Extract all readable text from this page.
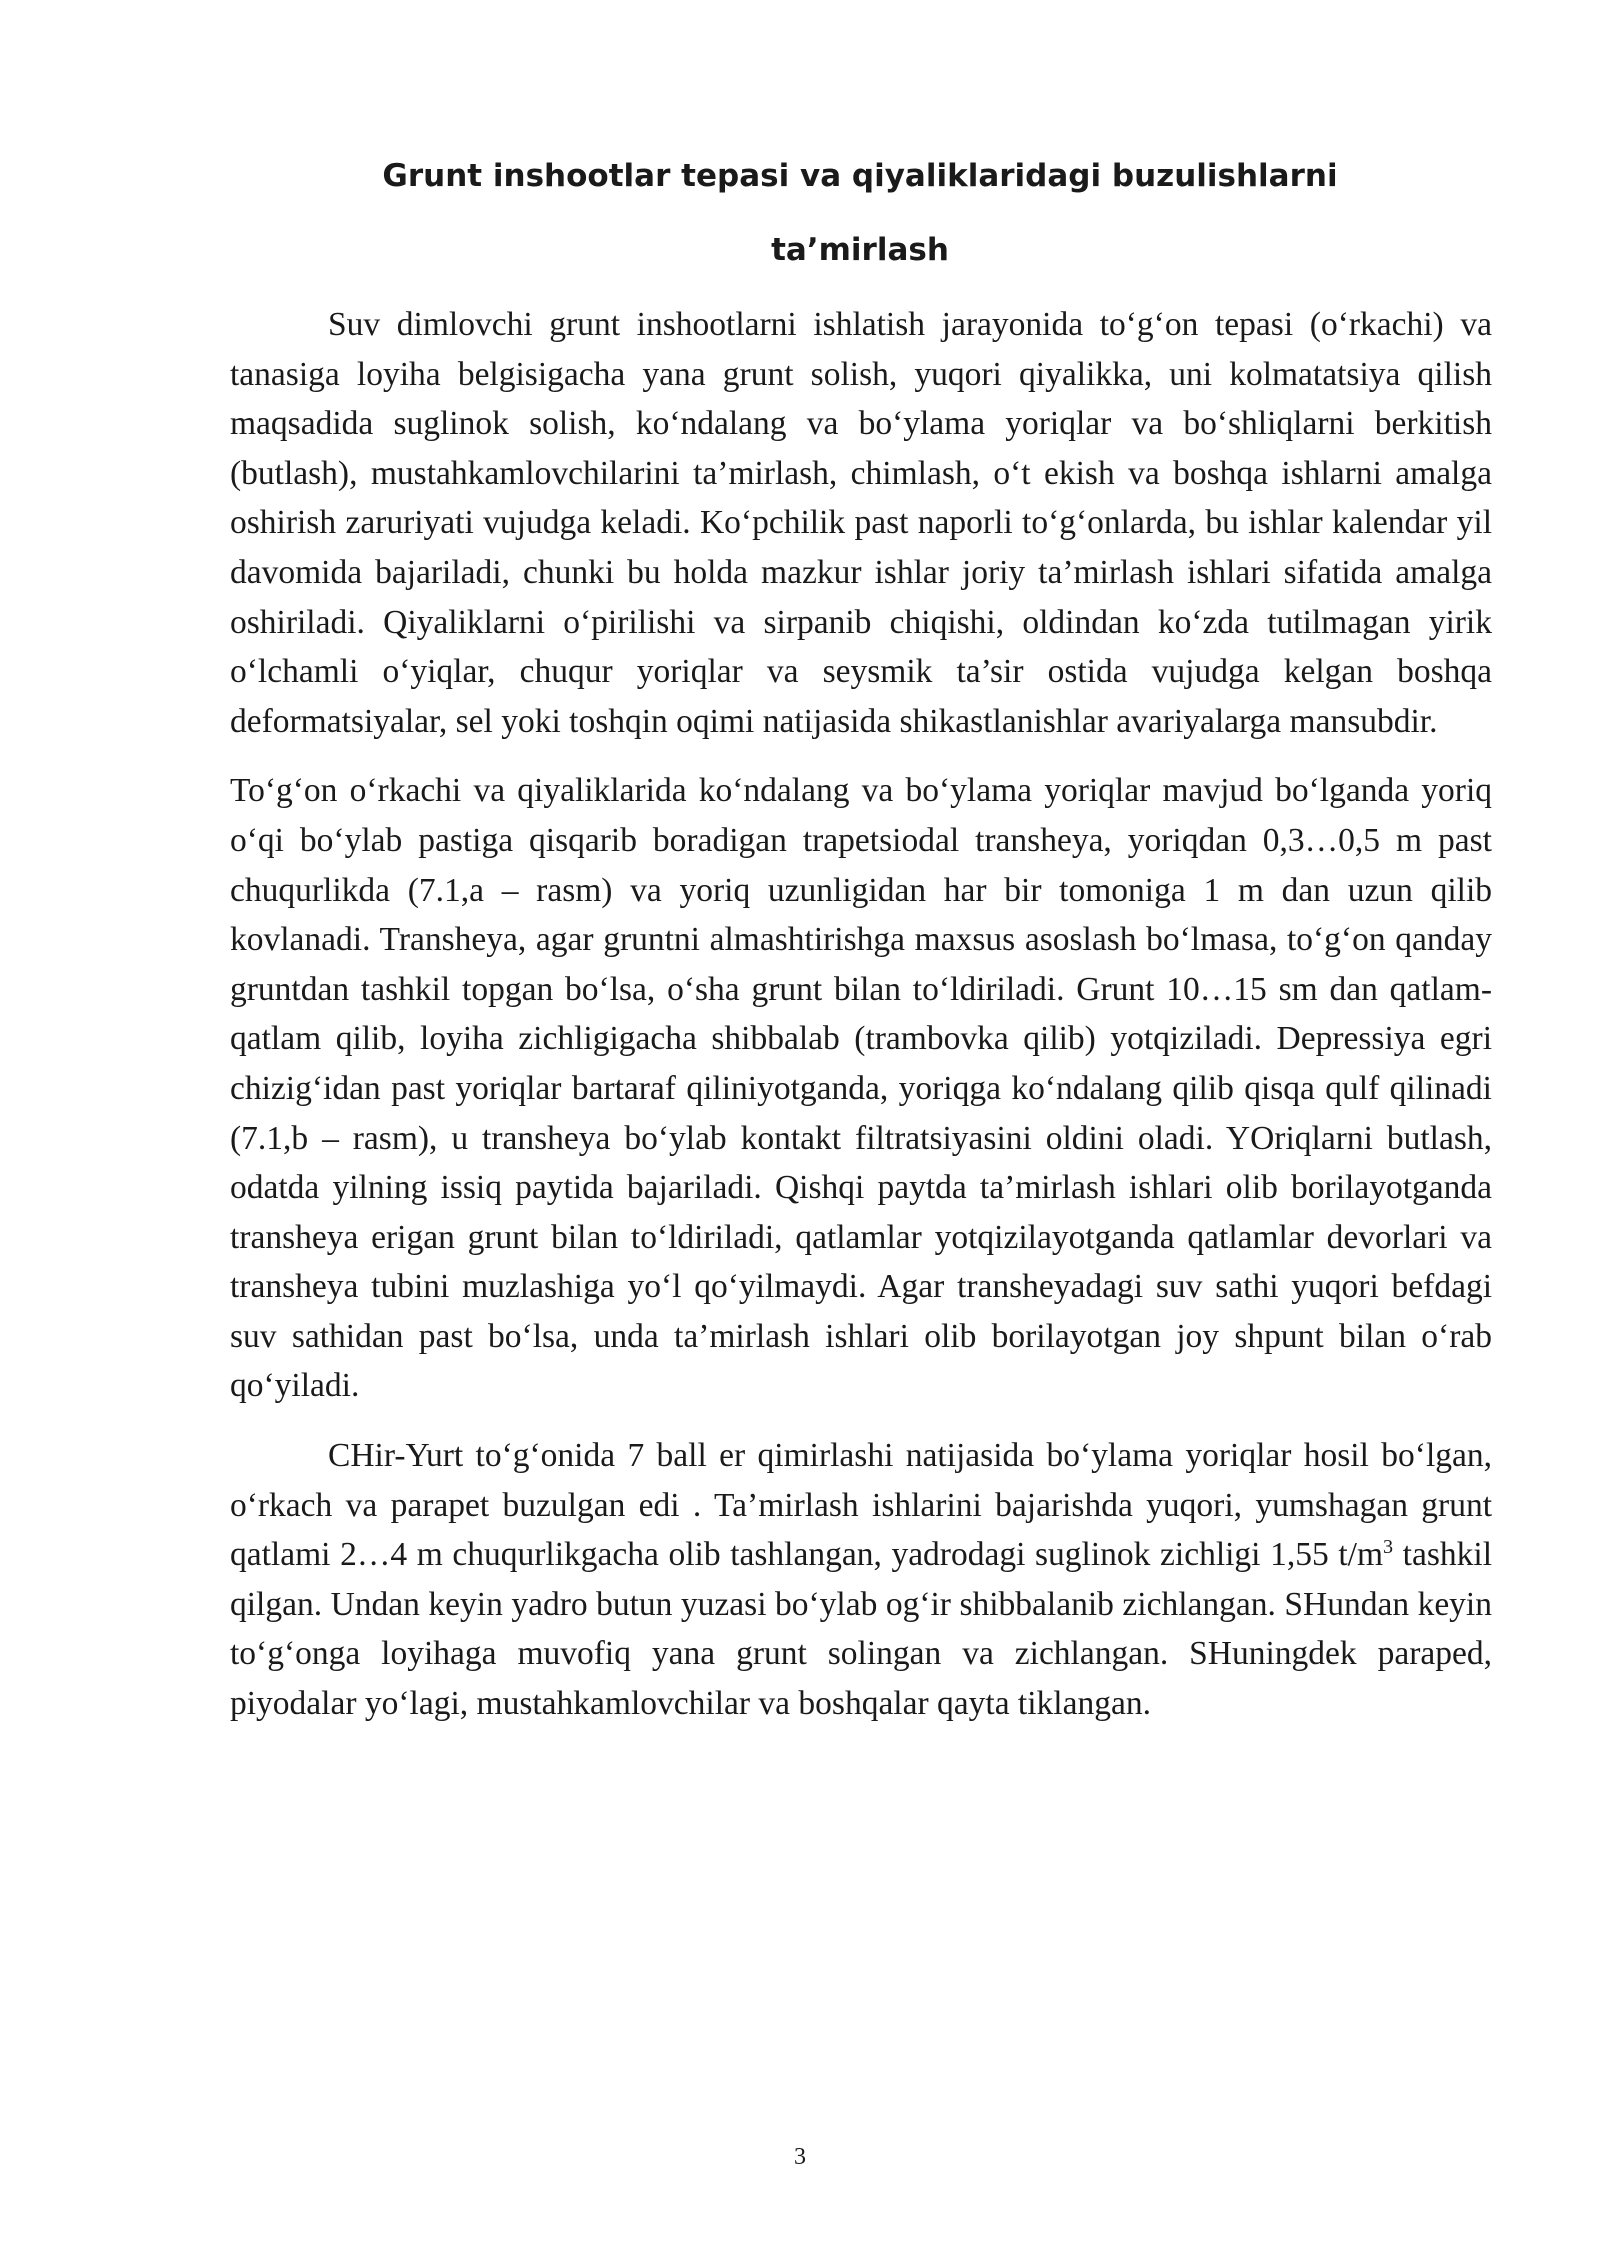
Grunt inshootlar tepasi va qiyaliklaridagi buzulishlarni
ta’mirlash

Suv dimlovchi grunt inshootlarni ishlatish jarayonida to‘g‘on tepasi (o‘rkachi) va tanasiga loyiha belgisigacha yana grunt solish, yuqori qiyalikka, uni kolmatatsiya qilish maqsadida suglinok solish, ko‘ndalang va bo‘ylama yoriqlar va bo‘shliqlarni berkitish (butlash), mustahkamlovchilarini ta’mirlash, chimlash, o‘t ekish va boshqa ishlarni amalga oshirish zaruriyati vujudga keladi. Ko‘pchilik past naporli to‘g‘onlarda, bu ishlar kalendar yil davomida bajariladi, chunki bu holda mazkur ishlar joriy ta’mirlash ishlari sifatida amalga oshiriladi. Qiyaliklarni o‘pirilishi va sirpanib chiqishi, oldindan ko‘zda tutilmagan yirik o‘lchamli o‘yiqlar, chuqur yoriqlar va seysmik ta’sir ostida vujudga kelgan boshqa deformatsiyalar, sel yoki toshqin oqimi natijasida shikastlanishlar avariyalarga mansubdir.

To‘g‘on o‘rkachi va qiyaliklarida ko‘ndalang va bo‘ylama yoriqlar mavjud bo‘lganda yoriq o‘qi bo‘ylab pastiga qisqarib boradigan trapetsiodal transheya, yoriqdan 0,3…0,5 m past chuqurlikda (7.1,a – rasm) va yoriq uzunligidan har bir tomoniga 1 m dan uzun qilib kovlanadi. Transheya, agar gruntni almashtirishga maxsus asoslash bo‘lmasa, to‘g‘on qanday gruntdan tashkil topgan bo‘lsa, o‘sha grunt bilan to‘ldiriladi. Grunt 10…15 sm dan qatlam-qatlam qilib, loyiha zichligigacha shibbalab (trambovka qilib) yotqiziladi. Depressiya egri chizig‘idan past yoriqlar bartaraf qiliniyotganda, yoriqga ko‘ndalang qilib qisqa qulf qilinadi (7.1,b – rasm), u transheya bo‘ylab kontakt filtratsiyasini oldini oladi. YOriqlarni butlash, odatda yilning issiq paytida bajariladi. Qishqi paytda ta’mirlash ishlari olib borilayotganda transheya erigan grunt bilan to‘ldiriladi, qatlamlar yotqizilayotganda qatlamlar devorlari va transheya tubini muzlashiga yo‘l qo‘yilmaydi. Agar transheyadagi suv sathi yuqori befdagi suv sathidan past bo‘lsa, unda ta’mirlash ishlari olib borilayotgan joy shpunt bilan o‘rab qo‘yiladi.

CHir-Yurt to‘g‘onida 7 ball er qimirlashi natijasida bo‘ylama yoriqlar hosil bo‘lgan, o‘rkach va parapet buzulgan edi . Ta’mirlash ishlarini bajarishda yuqori, yumshagan grunt qatlami 2…4 m chuqurlikgacha olib tashlangan, yadrodagi suglinok zichligi 1,55 $t/m^3$ tashkil qilgan. Undan keyin yadro butun yuzasi bo‘ylab og‘ir shibbalanib zichlangan. SHundan keyin to‘g‘onga loyihaga muvofiq yana grunt solingan va zichlangan. SHuningdek paraped, piyodalar yo‘lagi, mustahkamlovchilar va boshqalar qayta tiklangan.

3
